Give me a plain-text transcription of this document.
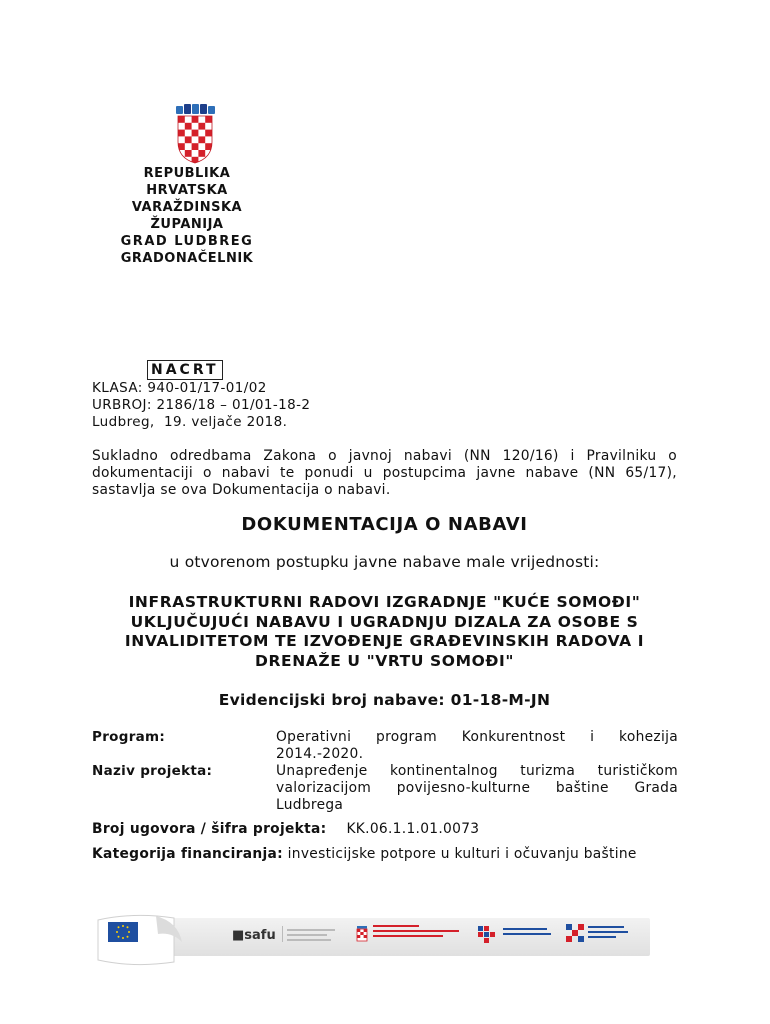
REPUBLIKA
HRVATSKA
VARAŽDINSKA
ŽUPANIJA
GRAD LUDBREG
GRADONAČELNIK
NACRT
KLASA: 940-01/17-01/02
URBROJ: 2186/18 – 01/01-18-2
Ludbreg,  19. veljače 2018.
Sukladno odredbama Zakona o javnoj nabavi (NN 120/16) i Pravilniku o dokumentaciji o nabavi te ponudi u postupcima javne nabave (NN 65/17), sastavlja se ova Dokumentacija o nabavi.
DOKUMENTACIJA O NABAVI
u otvorenom postupku javne nabave male vrijednosti:
INFRASTRUKTURNI RADOVI IZGRADNJE "KUĆE SOMOĐI" UKLJUČUJUĆI NABAVU I UGRADNJU DIZALA ZA OSOBE S INVALIDITETOM TE IZVOĐENJE GRAĐEVINSKIH RADOVA I DRENAŽE U "VRTU SOMOĐI"
Evidencijski broj nabave: 01-18-M-JN
Program:	Operativni program Konkurentnost i kohezija 2014.-2020.
Naziv projekta:	Unapređenje kontinentalnog turizma turističkom valorizacijom povijesno-kulturne baštine Grada Ludbrega
Broj ugovora / šifra projekta: KK.06.1.1.01.0073
Kategorija financiranja: investicijske potpore u kulturi i očuvanju baštine
■safu
